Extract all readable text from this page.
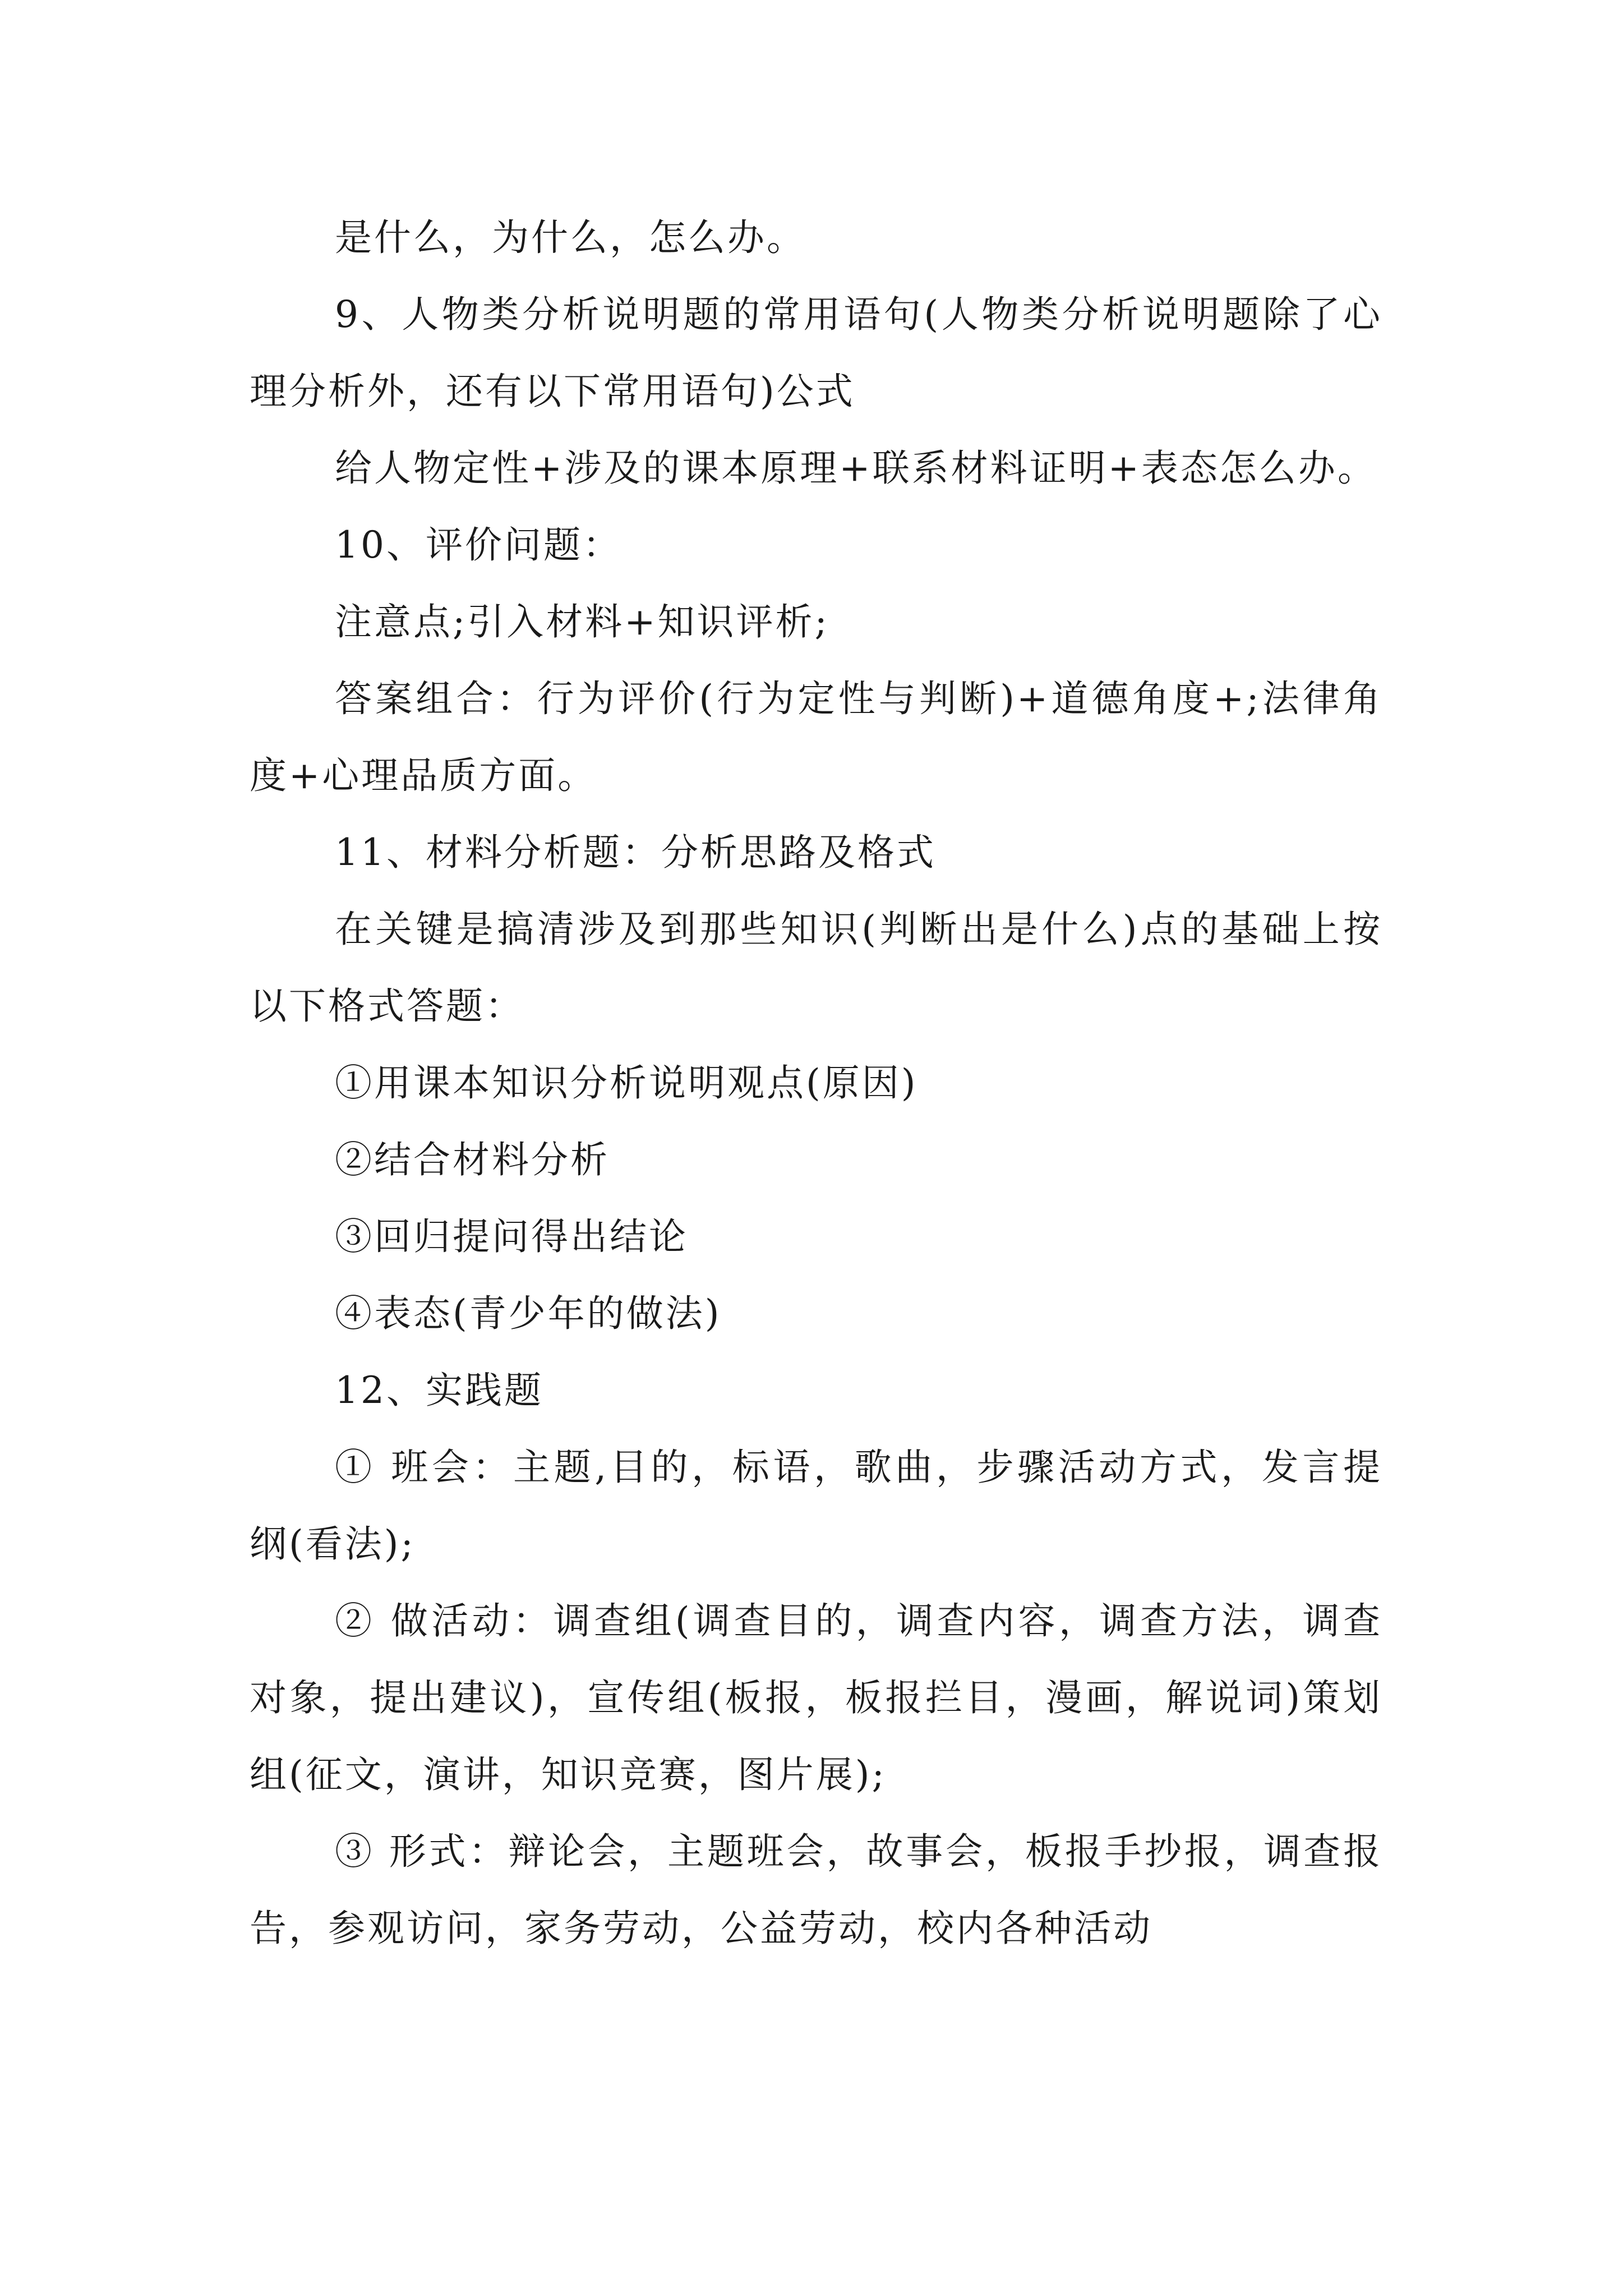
是什么，为什么，怎么办。

9、人物类分析说明题的常用语句(人物类分析说明题除了心理分析外，还有以下常用语句)公式

给人物定性+涉及的课本原理+联系材料证明+表态怎么办。

10、评价问题：

注意点;引入材料+知识评析;

答案组合：行为评价(行为定性与判断)+道德角度+;法律角度+心理品质方面。

11、材料分析题：分析思路及格式

在关键是搞清涉及到那些知识(判断出是什么)点的基础上按以下格式答题：

①用课本知识分析说明观点(原因)

②结合材料分析

③回归提问得出结论

④表态(青少年的做法)

12、实践题

① 班会：主题,目的，标语，歌曲，步骤活动方式，发言提纲(看法);

② 做活动：调查组(调查目的，调查内容，调查方法，调查对象，提出建议)，宣传组(板报，板报拦目，漫画，解说词)策划组(征文，演讲，知识竞赛，图片展);

③ 形式：辩论会，主题班会，故事会，板报手抄报，调查报告，参观访问，家务劳动，公益劳动，校内各种活动
